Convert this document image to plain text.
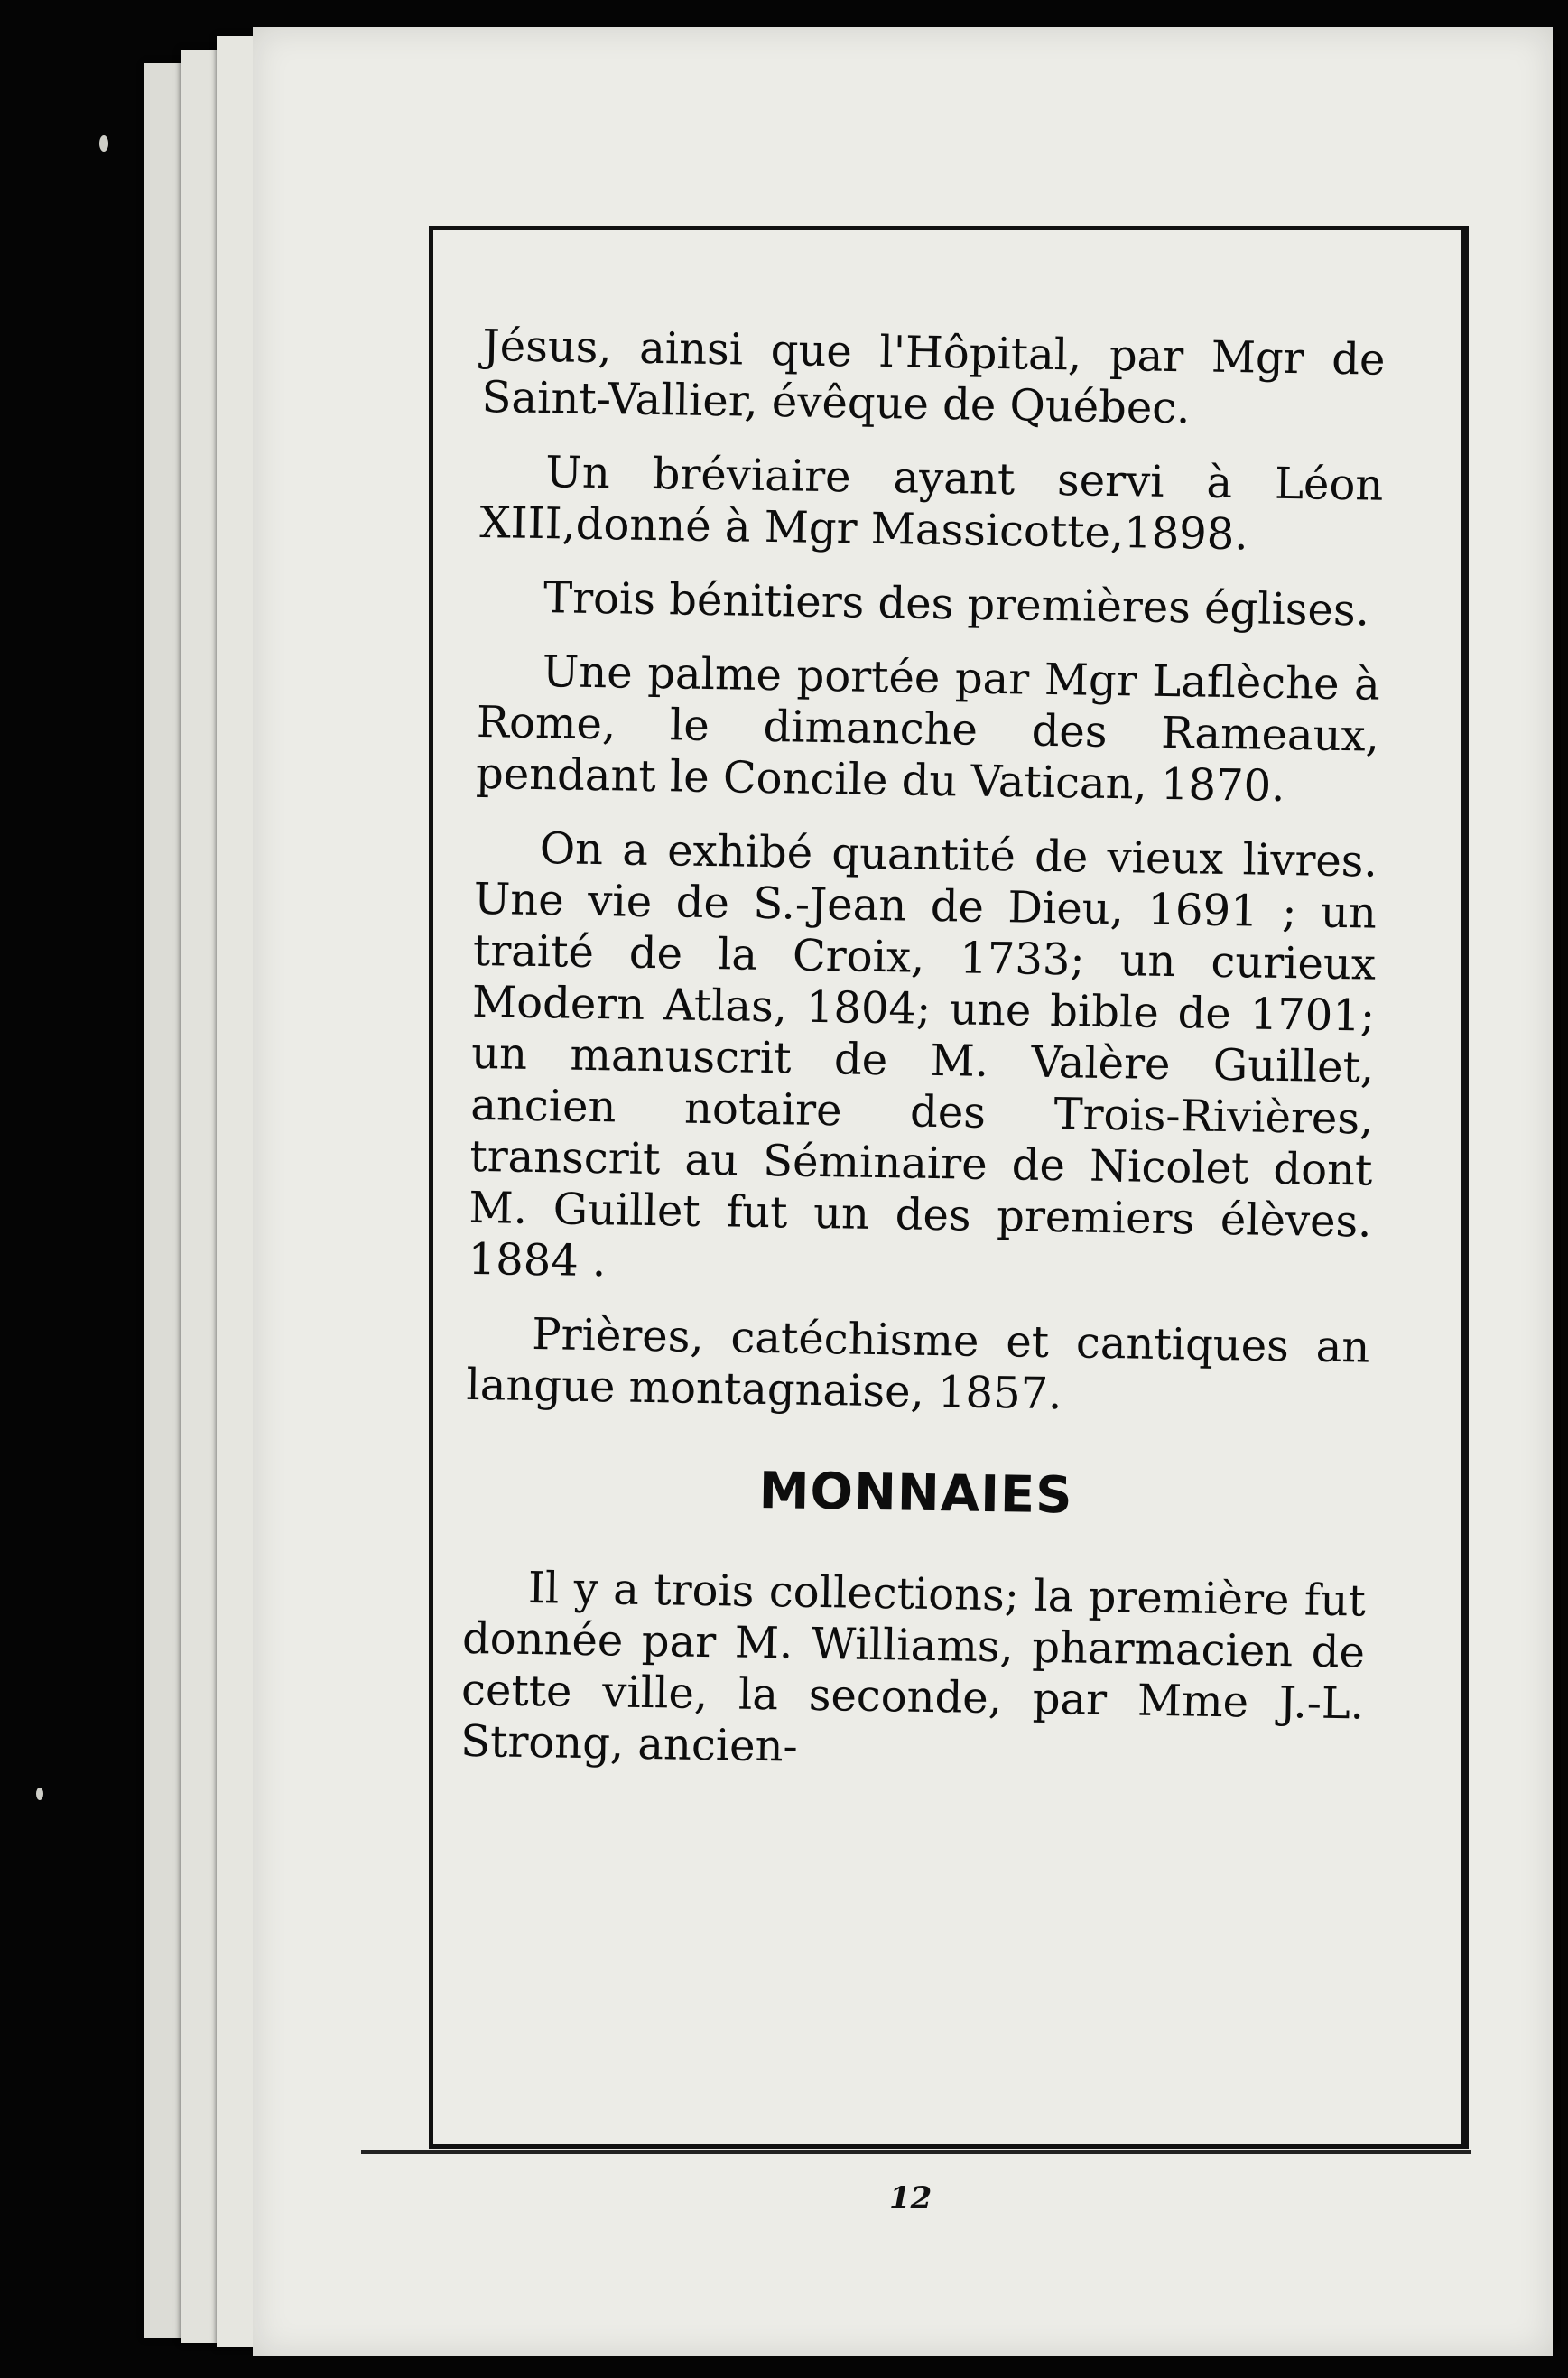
Jésus, ainsi que l'Hôpital, par Mgr de Saint-Vallier, évêque de Québec.

Un bréviaire ayant servi à Léon XIII,donné à Mgr Massicotte,1898.

Trois bénitiers des premières églises.

Une palme portée par Mgr Laflèche à Rome, le dimanche des Rameaux, pendant le Concile du Vatican, 1870.

On a exhibé quantité de vieux livres. Une vie de S.-Jean de Dieu, 1691 ; un traité de la Croix, 1733; un curieux Modern Atlas, 1804; une bible de 1701; un manuscrit de M. Valère Guillet, ancien notaire des Trois-Rivières, transcrit au Séminaire de Nicolet dont M. Guillet fut un des premiers élèves. 1884 .

Prières, catéchisme et cantiques an langue montagnaise, 1857.

MONNAIES

Il y a trois collections; la première fut donnée par M. Williams, pharmacien de cette ville, la seconde, par Mme J.-L. Strong, ancien-

12
